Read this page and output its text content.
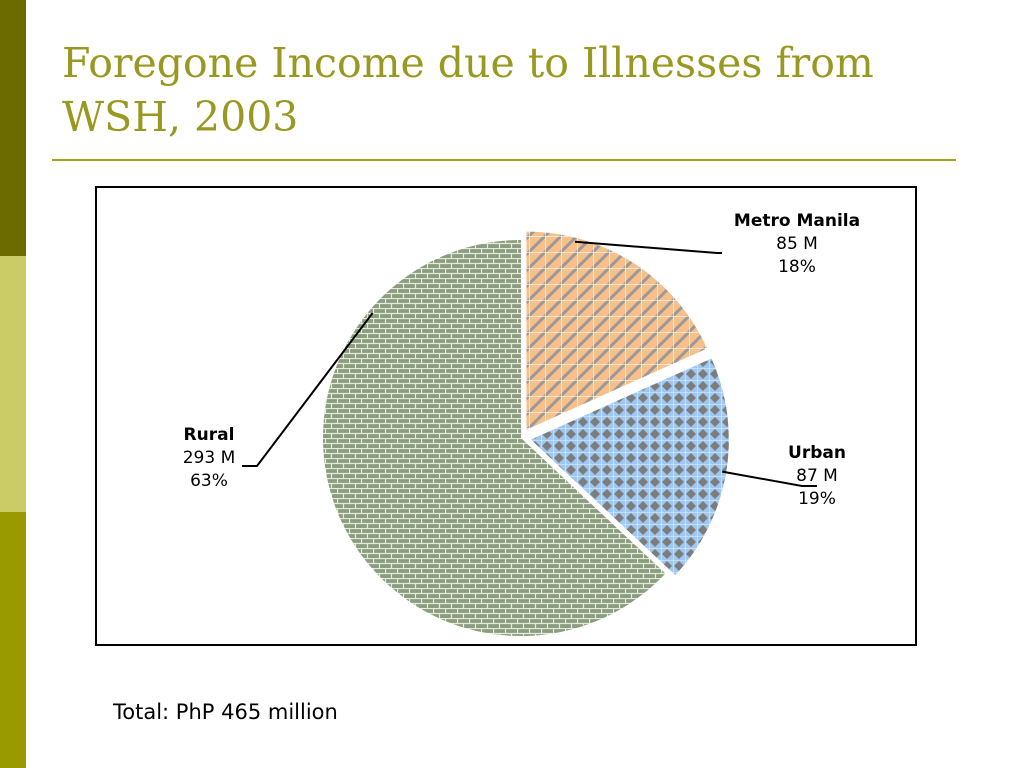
Foregone Income due to Illnesses from WSH, 2003
Metro Manila 85 M 18%
Urban 87 M 19%
Rural 293 M 63%
Total: PhP 465 million
